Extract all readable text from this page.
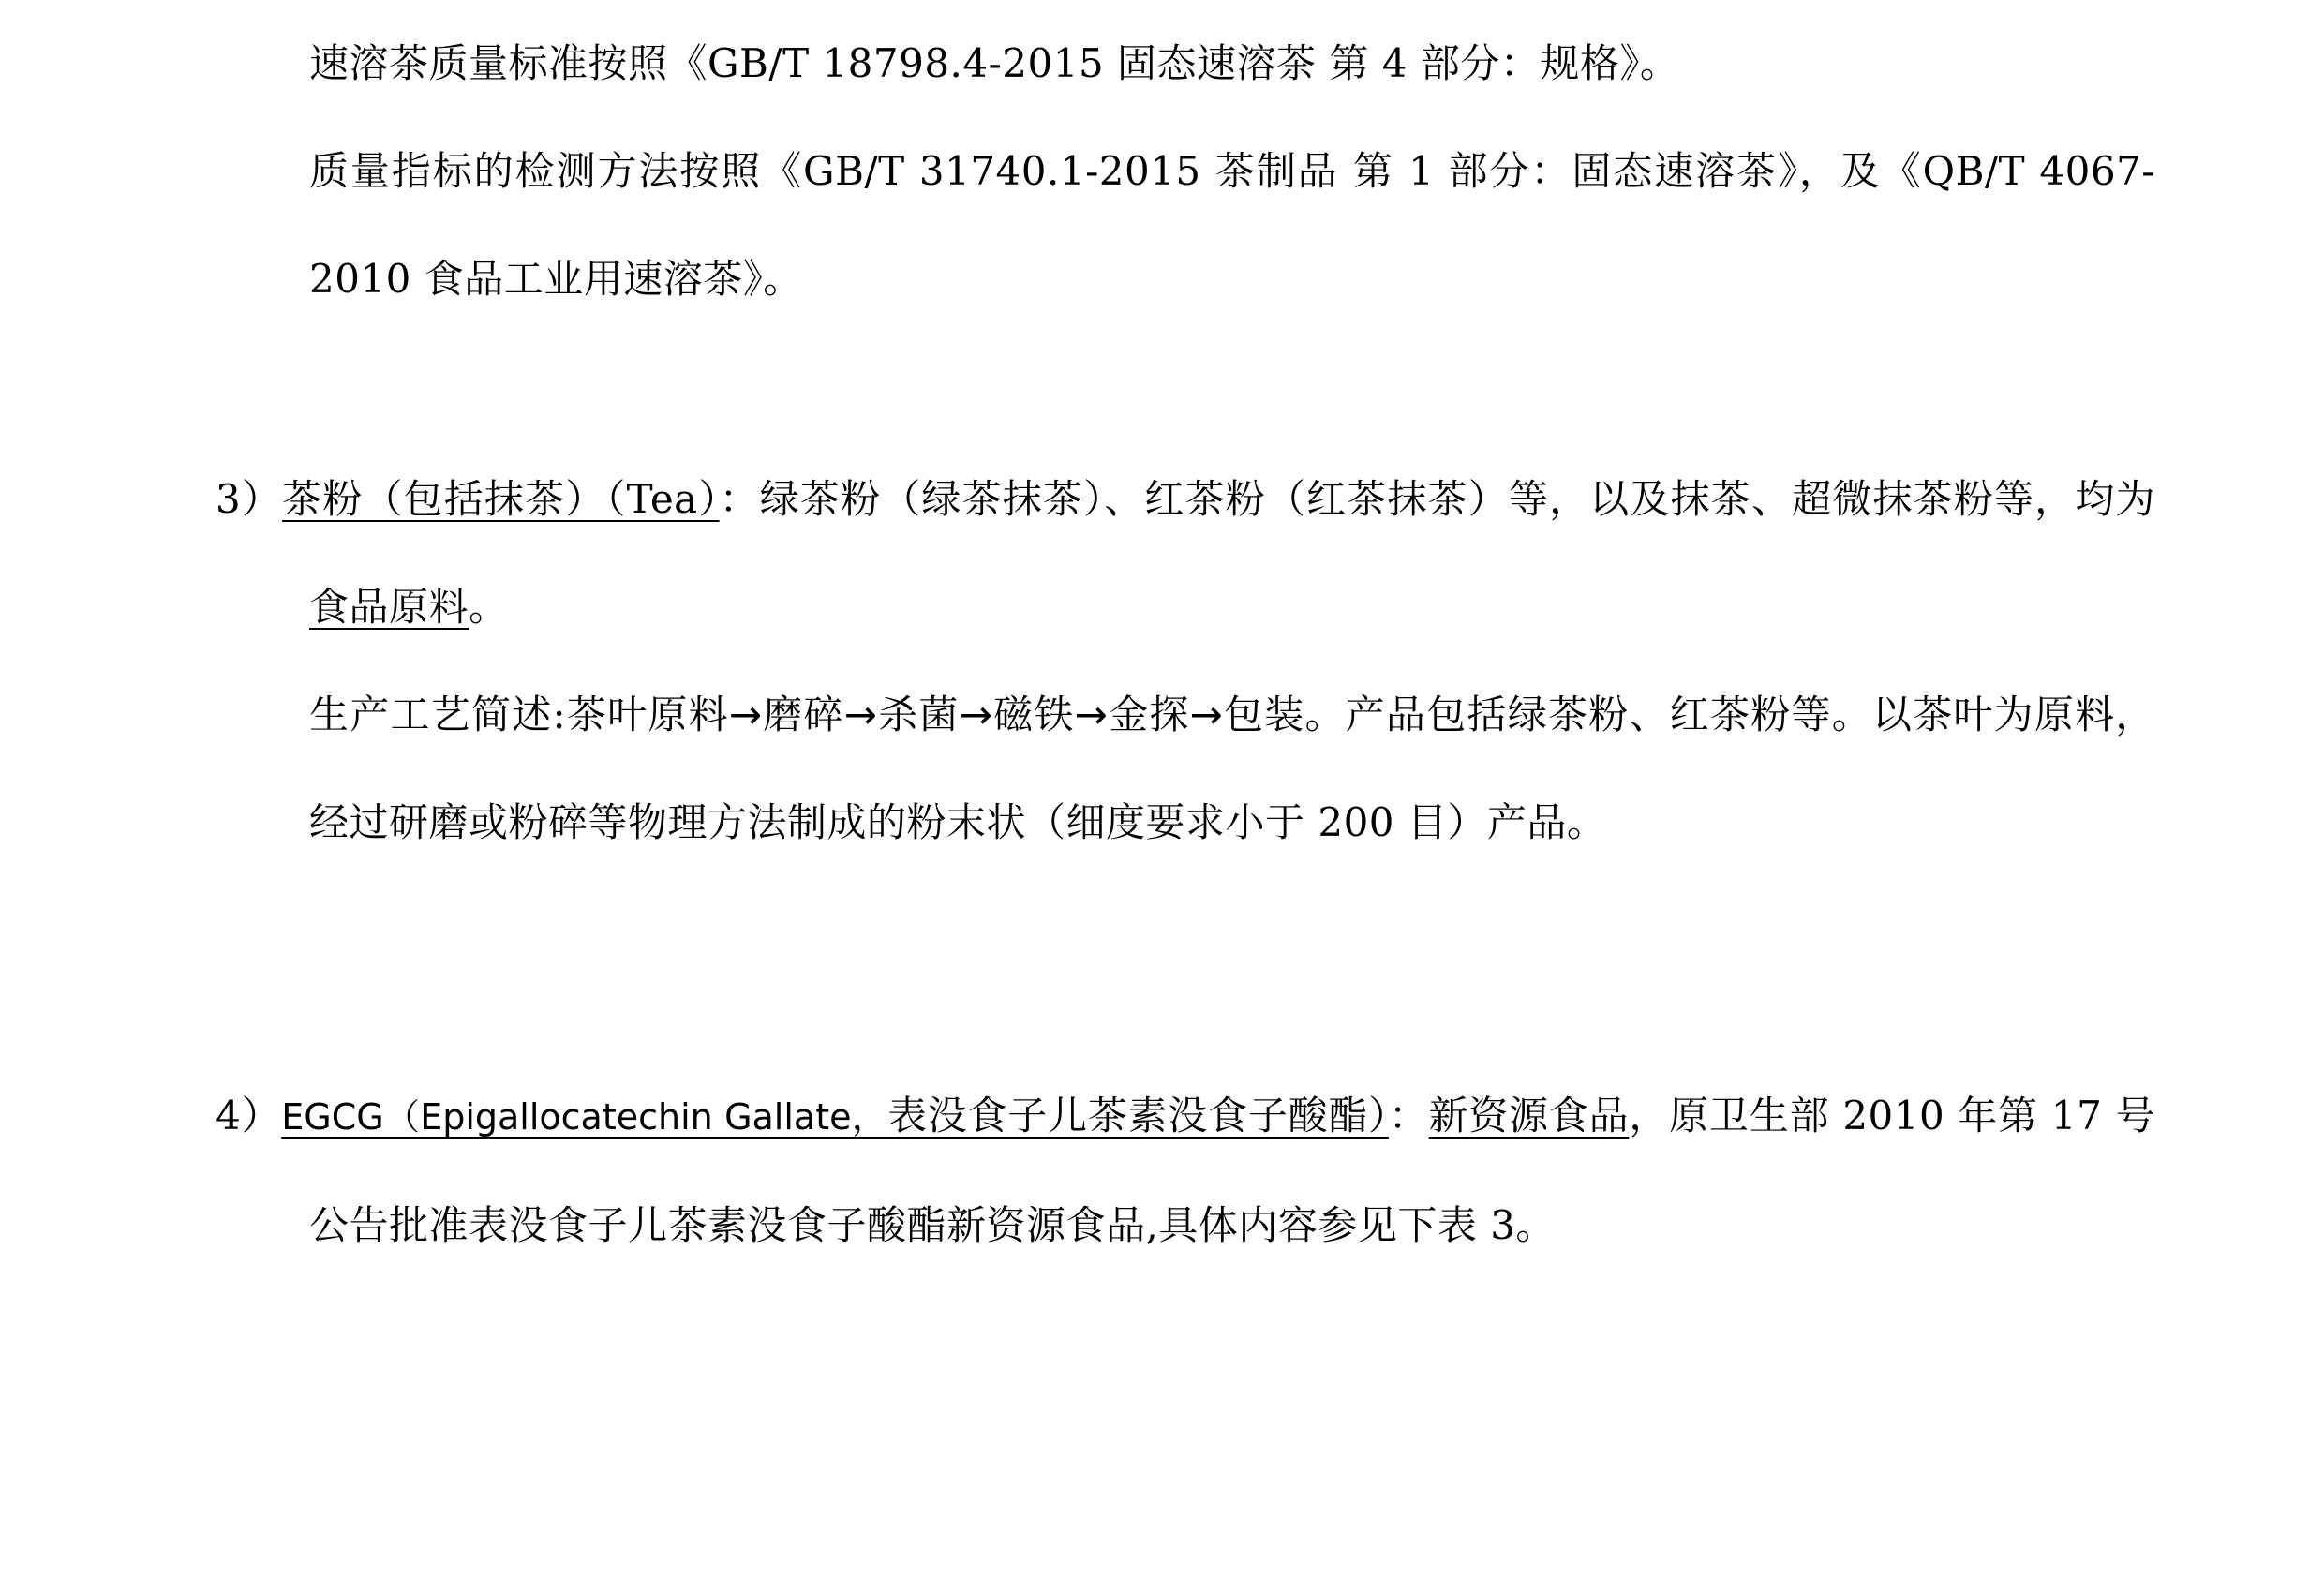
速溶茶质量标准按照《GB/T 18798.4-2015 固态速溶茶 第 4 部分：规格》。

质量指标的检测方法按照《GB/T 31740.1-2015 茶制品 第 1 部分：固态速溶茶》，及《QB/T 4067-2010 食品工业用速溶茶》。

3）茶粉（包括抹茶）（Tea）：绿茶粉（绿茶抹茶）、红茶粉（红茶抹茶）等，以及抹茶、超微抹茶粉等，均为食品原料。

生产工艺简述:茶叶原料→磨碎→杀菌→磁铁→金探→包装。产品包括绿茶粉、红茶粉等。以茶叶为原料，经过研磨或粉碎等物理方法制成的粉末状（细度要求小于 200 目）产品。

4）EGCG（Epigallocatechin Gallate，表没食子儿茶素没食子酸酯）：新资源食品，原卫生部 2010 年第 17 号公告批准表没食子儿茶素没食子酸酯新资源食品,具体内容参见下表 3。
